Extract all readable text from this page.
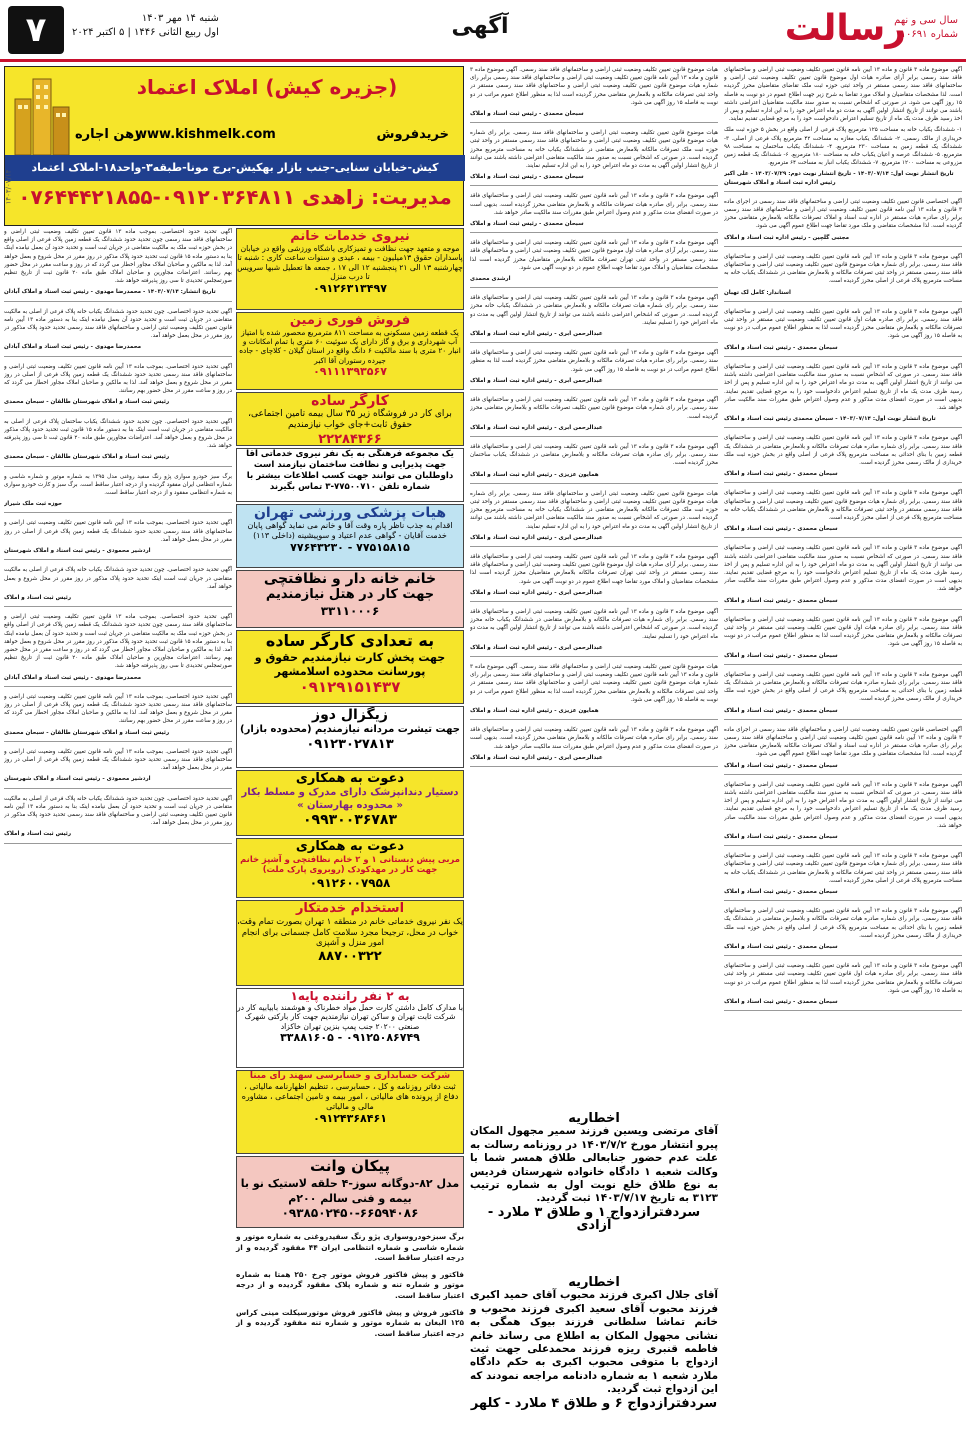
رسالت
سال سی و نهم
شماره ۱۰۶۹۱
آگهی
شنبه ۱۴ مهر ۱۴۰۳
اول ربیع الثانی ۱۴۴۶ | ۵ اکتبر ۲۰۲۴
۷
(جزیره کیش) املاک اعتماد
خریدفروش
www.kishmelk.com
رهن اجاره
کیش-خیابان سنایی-جنب بازار بهکیش-برج مونا-طبقه۳-واحد۱۸-املاک اعتماد
مدیریت: زاهدی ۰۹۱۲۰۳۶۴۸۱۱-۰۷۶۴۴۴۲۱۸۵۵
۱۴۰۳/۰۷/۱۴

آگهی موضوع ماده ۳ قانون و ماده ۱۳ آیین نامه قانون تعیین تکلیف وضعیت ثبتی اراضی و ساختمانهای فاقد سند رسمی برابر آرای صادره هیات اول موضوع قانون تعیین تکلیف وضعیت ثبتی اراضی و ساختمانهای فاقد سند رسمی مستقر در واحد ثبتی حوزه ثبت ملک تقاضای متقاضیان محرز گردیده است. لذا مشخصات متقاضیان و املاک مورد تقاضا به شرح زیر جهت اطلاع عموم در دو نوبت به فاصله ۱۵ روز آگهی می شود. در صورتی که اشخاص نسبت به صدور سند مالکیت متقاضیان اعتراضی داشته باشند می توانند از تاریخ انتشار اولین آگهی به مدت دو ماه اعتراض خود را به این اداره تسلیم و پس از اخذ رسید ظرف مدت یک ماه از تاریخ تسلیم اعتراض دادخواست خود را به مرجع قضایی تقدیم نمایند.

۱- ششدانگ یکباب خانه به مساحت ۱۲۵ مترمربع پلاک فرعی از اصلی واقع در بخش ۵ حوزه ثبت ملک خریداری از مالک رسمی. ۲- ششدانگ یکباب مغازه به مساحت ۴۲ مترمربع پلاک فرعی از اصلی. ۳- ششدانگ یک قطعه زمین به مساحت ۲۳۰ مترمربع. ۴- ششدانگ یکباب ساختمان به مساحت ۹۸ مترمربع. ۵- ششدانگ عرصه و اعیان یکباب خانه به مساحت ۱۸۰ مترمربع. ۶- ششدانگ یک قطعه زمین مزروعی به مساحت ۱۲۰۰ مترمربع. ۷- ششدانگ یکباب انبار به مساحت ۶۴ مترمربع.

تاریخ انتشار نوبت اول: ۱۴۰۳/۰۷/۱۴ - تاریخ انتشار نوبت دوم: ۱۴۰۳/۰۷/۲۹ - علی اکبر رئیس اداره ثبت اسناد و املاک شهرستان

آگهی اختصاصی قانون تعیین تکلیف وضعیت ثبتی اراضی و ساختمانهای فاقد سند رسمی در اجرای ماده ۳ قانون و ماده ۱۳ آیین نامه قانون تعیین تکلیف وضعیت ثبتی اراضی و ساختمانهای فاقد سند رسمی برابر رای صادره هیات مستقر در اداره ثبت اسناد و املاک تصرفات مالکانه بلامعارض متقاضی محرز گردیده است. لذا مشخصات متقاضی و ملک مورد تقاضا جهت اطلاع عموم آگهی می شود.

مجتبی گلچین - رئیس اداره ثبت اسناد و املاک

آگهی موضوع ماده ۳ قانون و ماده ۱۳ آیین نامه قانون تعیین تکلیف وضعیت ثبتی اراضی و ساختمانهای فاقد سند رسمی. برابر رای شماره هیات موضوع قانون تعیین تکلیف وضعیت ثبتی اراضی و ساختمانهای فاقد سند رسمی مستقر در واحد ثبتی تصرفات مالکانه و بلامعارض متقاضی در ششدانگ یکباب خانه به مساحت مترمربع پلاک فرعی از اصلی محرز گردیده است.

استاندار: کامل لک تهبان

آگهی موضوع ماده ۳ قانون و ماده ۱۳ آیین نامه قانون تعیین تکلیف وضعیت ثبتی اراضی و ساختمانهای فاقد سند رسمی. برابر رای صادره هیات اول قانون تعیین تکلیف وضعیت ثبتی مستقر در واحد ثبتی تصرفات مالکانه و بلامعارض متقاضی محرز گردیده است لذا به منظور اطلاع عموم مراتب در دو نوبت به فاصله ۱۵ روز آگهی می شود.

سبحان محمدی - رئیس ثبت اسناد و املاک

آگهی موضوع ماده ۳ قانون و ماده ۱۳ آیین نامه قانون تعیین تکلیف وضعیت ثبتی اراضی و ساختمانهای فاقد سند رسمی. در صورتی که اشخاص نسبت به صدور سند مالکیت متقاضی اعتراضی داشته باشند می توانند از تاریخ انتشار اولین آگهی به مدت دو ماه اعتراض خود را به این اداره تسلیم و پس از اخذ رسید ظرف مدت یک ماه از تاریخ تسلیم اعتراض دادخواست خود را به مرجع قضایی تقدیم نمایند. بدیهی است در صورت انقضای مدت مذکور و عدم وصول اعتراض طبق مقررات سند مالکیت صادر خواهد شد.

تاریخ انتشار نوبت اول: ۱۴۰۳/۰۷/۱۴ - سبحان محمدی رئیس ثبت اسناد و املاک

آگهی موضوع ماده ۳ قانون و ماده ۱۳ آیین نامه قانون تعیین تکلیف وضعیت ثبتی اراضی و ساختمانهای فاقد سند رسمی. برابر رای شماره صادره هیات تصرفات مالکانه و بلامعارض متقاضی در ششدانگ یک قطعه زمین با بنای احداثی به مساحت مترمربع پلاک فرعی از اصلی واقع در بخش حوزه ثبت ملک خریداری از مالک رسمی محرز گردیده است.

سبحان محمدی - رئیس ثبت اسناد و املاک

آگهی موضوع ماده ۳ قانون و ماده ۱۳ آیین نامه قانون تعیین تکلیف وضعیت ثبتی اراضی و ساختمانهای فاقد سند رسمی. برابر رای شماره هیات موضوع قانون تعیین تکلیف وضعیت ثبتی اراضی و ساختمانهای فاقد سند رسمی مستقر در واحد ثبتی تصرفات مالکانه و بلامعارض متقاضی در ششدانگ یکباب خانه به مساحت مترمربع پلاک فرعی از اصلی محرز گردیده است.

سبحان محمدی - رئیس ثبت اسناد و املاک

آگهی موضوع ماده ۳ قانون و ماده ۱۳ آیین نامه قانون تعیین تکلیف وضعیت ثبتی اراضی و ساختمانهای فاقد سند رسمی. در صورتی که اشخاص نسبت به صدور سند مالکیت متقاضی اعتراضی داشته باشند می توانند از تاریخ انتشار اولین آگهی به مدت دو ماه اعتراض خود را به این اداره تسلیم و پس از اخذ رسید ظرف مدت یک ماه از تاریخ تسلیم اعتراض دادخواست خود را به مرجع قضایی تقدیم نمایند. بدیهی است در صورت انقضای مدت مذکور و عدم وصول اعتراض طبق مقررات سند مالکیت صادر خواهد شد.

سبحان محمدی - رئیس ثبت اسناد و املاک

آگهی موضوع ماده ۳ قانون و ماده ۱۳ آیین نامه قانون تعیین تکلیف وضعیت ثبتی اراضی و ساختمانهای فاقد سند رسمی. برابر رای صادره هیات اول قانون تعیین تکلیف وضعیت ثبتی مستقر در واحد ثبتی تصرفات مالکانه و بلامعارض متقاضی محرز گردیده است لذا به منظور اطلاع عموم مراتب در دو نوبت به فاصله ۱۵ روز آگهی می شود.

سبحان محمدی - رئیس ثبت اسناد و املاک

آگهی موضوع ماده ۳ قانون و ماده ۱۳ آیین نامه قانون تعیین تکلیف وضعیت ثبتی اراضی و ساختمانهای فاقد سند رسمی. برابر رای شماره صادره هیات تصرفات مالکانه و بلامعارض متقاضی در ششدانگ یک قطعه زمین با بنای احداثی به مساحت مترمربع پلاک فرعی از اصلی واقع در بخش حوزه ثبت ملک خریداری از مالک رسمی محرز گردیده است.

سبحان محمدی - رئیس ثبت اسناد و املاک

آگهی اختصاصی قانون تعیین تکلیف وضعیت ثبتی اراضی و ساختمانهای فاقد سند رسمی در اجرای ماده ۳ قانون و ماده ۱۳ آیین نامه قانون تعیین تکلیف وضعیت ثبتی اراضی و ساختمانهای فاقد سند رسمی برابر رای صادره هیات مستقر در اداره ثبت اسناد و املاک تصرفات مالکانه بلامعارض متقاضی محرز گردیده است. لذا مشخصات متقاضی و ملک مورد تقاضا جهت اطلاع عموم آگهی می شود.

سبحان محمدی - رئیس ثبت اسناد و املاک

آگهی موضوع ماده ۳ قانون و ماده ۱۳ آیین نامه قانون تعیین تکلیف وضعیت ثبتی اراضی و ساختمانهای فاقد سند رسمی. در صورتی که اشخاص نسبت به صدور سند مالکیت متقاضی اعتراضی داشته باشند می توانند از تاریخ انتشار اولین آگهی به مدت دو ماه اعتراض خود را به این اداره تسلیم و پس از اخذ رسید ظرف مدت یک ماه از تاریخ تسلیم اعتراض دادخواست خود را به مرجع قضایی تقدیم نمایند. بدیهی است در صورت انقضای مدت مذکور و عدم وصول اعتراض طبق مقررات سند مالکیت صادر خواهد شد.

سبحان محمدی - رئیس ثبت اسناد و املاک

آگهی موضوع ماده ۳ قانون و ماده ۱۳ آیین نامه قانون تعیین تکلیف وضعیت ثبتی اراضی و ساختمانهای فاقد سند رسمی. برابر رای شماره هیات موضوع قانون تعیین تکلیف وضعیت ثبتی اراضی و ساختمانهای فاقد سند رسمی مستقر در واحد ثبتی تصرفات مالکانه و بلامعارض متقاضی در ششدانگ یکباب خانه به مساحت مترمربع پلاک فرعی از اصلی محرز گردیده است.

سبحان محمدی - رئیس ثبت اسناد و املاک

آگهی موضوع ماده ۳ قانون و ماده ۱۳ آیین نامه قانون تعیین تکلیف وضعیت ثبتی اراضی و ساختمانهای فاقد سند رسمی. برابر رای شماره صادره هیات تصرفات مالکانه و بلامعارض متقاضی در ششدانگ یک قطعه زمین با بنای احداثی به مساحت مترمربع پلاک فرعی از اصلی واقع در بخش حوزه ثبت ملک خریداری از مالک رسمی محرز گردیده است.

سبحان محمدی - رئیس ثبت اسناد و املاک

آگهی موضوع ماده ۳ قانون و ماده ۱۳ آیین نامه قانون تعیین تکلیف وضعیت ثبتی اراضی و ساختمانهای فاقد سند رسمی. برابر رای صادره هیات اول قانون تعیین تکلیف وضعیت ثبتی مستقر در واحد ثبتی تصرفات مالکانه و بلامعارض متقاضی محرز گردیده است لذا به منظور اطلاع عموم مراتب در دو نوبت به فاصله ۱۵ روز آگهی می شود.

سبحان محمدی - رئیس ثبت اسناد و املاک

هیات موضوع قانون تعیین تکلیف وضعیت ثبتی اراضی و ساختمانهای فاقد سند رسمی. آگهی موضوع ماده ۳ قانون و ماده ۱۳ آیین نامه قانون تعیین تکلیف وضعیت ثبتی اراضی و ساختمانهای فاقد سند رسمی برابر رای شماره هیات موضوع قانون تعیین تکلیف وضعیت ثبتی اراضی و ساختمانهای فاقد سند رسمی مستقر در واحد ثبتی تصرفات مالکانه و بلامعارض متقاضی محرز گردیده است لذا به منظور اطلاع عموم مراتب در دو نوبت به فاصله ۱۵ روز آگهی می شود.

سبحان محمدی - رئیس ثبت اسناد و املاک

هیات موضوع قانون تعیین تکلیف وضعیت ثبتی اراضی و ساختمانهای فاقد سند رسمی. برابر رای شماره هیات موضوع قانون تعیین تکلیف وضعیت ثبتی اراضی و ساختمانهای فاقد سند رسمی مستقر در واحد ثبتی حوزه ثبت ملک تصرفات مالکانه بلامعارض متقاضی در ششدانگ یکباب خانه به مساحت مترمربع محرز گردیده است. در صورتی که اشخاص نسبت به صدور سند مالکیت متقاضی اعتراضی داشته باشند می توانند از تاریخ انتشار اولین آگهی به مدت دو ماه اعتراض خود را به این اداره تسلیم نمایند.

سبحان محمدی - رئیس ثبت اسناد و املاک

آگهی موضوع ماده ۳ قانون و ماده ۱۳ آیین نامه قانون تعیین تکلیف وضعیت ثبتی اراضی و ساختمانهای فاقد سند رسمی. برابر رای صادره هیات تصرفات مالکانه و بلامعارض متقاضی محرز گردیده است. بدیهی است در صورت انقضای مدت مذکور و عدم وصول اعتراض طبق مقررات سند مالکیت صادر خواهد شد.

سبحان محمدی - رئیس ثبت اسناد و املاک

آگهی موضوع ماده ۳ قانون و ماده ۱۳ آیین نامه قانون تعیین تکلیف وضعیت ثبتی اراضی و ساختمانهای فاقد سند رسمی. برابر آرای صادره هیات اول موضوع قانون تعیین تکلیف وضعیت ثبتی اراضی و ساختمانهای فاقد سند رسمی مستقر در واحد ثبتی تهران تصرفات مالکانه بلامعارض متقاضیان محرز گردیده است لذا مشخصات متقاضیان و املاک مورد تقاضا جهت اطلاع عموم در دو نوبت آگهی می شود.

ارشدی محمدی

آگهی موضوع ماده ۳ قانون و ماده ۱۳ آیین نامه قانون تعیین تکلیف وضعیت ثبتی اراضی و ساختمانهای فاقد سند رسمی. برابر رای شماره هیات تصرفات مالکانه و بلامعارض متقاضی در ششدانگ یکباب خانه محرز گردیده است. در صورتی که اشخاص اعتراضی داشته باشند می توانند از تاریخ انتشار اولین آگهی به مدت دو ماه اعتراض خود را تسلیم نمایند.

عبدالرحمن ابری - رئیس اداره ثبت اسناد و املاک

آگهی موضوع ماده ۳ قانون و ماده ۱۳ آیین نامه قانون تعیین تکلیف وضعیت ثبتی اراضی و ساختمانهای فاقد سند رسمی. برابر رای صادره هیات تصرفات مالکانه و بلامعارض متقاضی محرز گردیده است لذا به منظور اطلاع عموم مراتب در دو نوبت به فاصله ۱۵ روز آگهی می شود.

عبدالرحمن ابری - رئیس اداره ثبت اسناد و املاک

آگهی موضوع ماده ۳ قانون و ماده ۱۳ آیین نامه قانون تعیین تکلیف وضعیت ثبتی اراضی و ساختمانهای فاقد سند رسمی. برابر رای شماره هیات موضوع قانون تعیین تکلیف تصرفات مالکانه و بلامعارض متقاضی محرز گردیده است.

عبدالرحمن ابری - رئیس اداره ثبت اسناد و املاک

آگهی موضوع ماده ۳ قانون و ماده ۱۳ آیین نامه قانون تعیین تکلیف وضعیت ثبتی اراضی و ساختمانهای فاقد سند رسمی. برابر رای صادره هیات تصرفات مالکانه و بلامعارض متقاضی در ششدانگ یکباب ساختمان محرز گردیده است.

همایون عزیزی - رئیس اداره ثبت اسناد و املاک

هیات موضوع قانون تعیین تکلیف وضعیت ثبتی اراضی و ساختمانهای فاقد سند رسمی. برابر رای شماره هیات موضوع قانون تعیین تکلیف وضعیت ثبتی اراضی و ساختمانهای فاقد سند رسمی مستقر در واحد ثبتی حوزه ثبت ملک تصرفات مالکانه بلامعارض متقاضی در ششدانگ یکباب خانه به مساحت مترمربع محرز گردیده است. در صورتی که اشخاص نسبت به صدور سند مالکیت متقاضی اعتراضی داشته باشند می توانند از تاریخ انتشار اولین آگهی به مدت دو ماه اعتراض خود را به این اداره تسلیم نمایند.

عبدالرحمن ابری - رئیس اداره ثبت اسناد و املاک

آگهی موضوع ماده ۳ قانون و ماده ۱۳ آیین نامه قانون تعیین تکلیف وضعیت ثبتی اراضی و ساختمانهای فاقد سند رسمی. برابر آرای صادره هیات اول موضوع قانون تعیین تکلیف وضعیت ثبتی اراضی و ساختمانهای فاقد سند رسمی مستقر در واحد ثبتی تهران تصرفات مالکانه بلامعارض متقاضیان محرز گردیده است لذا مشخصات متقاضیان و املاک مورد تقاضا جهت اطلاع عموم در دو نوبت آگهی می شود.

عبدالرحمن ابری - رئیس اداره ثبت اسناد و املاک

آگهی موضوع ماده ۳ قانون و ماده ۱۳ آیین نامه قانون تعیین تکلیف وضعیت ثبتی اراضی و ساختمانهای فاقد سند رسمی. برابر رای شماره هیات تصرفات مالکانه و بلامعارض متقاضی در ششدانگ یکباب خانه محرز گردیده است. در صورتی که اشخاص اعتراضی داشته باشند می توانند از تاریخ انتشار اولین آگهی به مدت دو ماه اعتراض خود را تسلیم نمایند.

عبدالرحمن ابری - رئیس اداره ثبت اسناد و املاک

هیات موضوع قانون تعیین تکلیف وضعیت ثبتی اراضی و ساختمانهای فاقد سند رسمی. آگهی موضوع ماده ۳ قانون و ماده ۱۳ آیین نامه قانون تعیین تکلیف وضعیت ثبتی اراضی و ساختمانهای فاقد سند رسمی برابر رای شماره هیات موضوع قانون تعیین تکلیف وضعیت ثبتی اراضی و ساختمانهای فاقد سند رسمی مستقر در واحد ثبتی تصرفات مالکانه و بلامعارض متقاضی محرز گردیده است لذا به منظور اطلاع عموم مراتب در دو نوبت به فاصله ۱۵ روز آگهی می شود.

همایون عزیزی - رئیس اداره ثبت اسناد و املاک

آگهی موضوع ماده ۳ قانون و ماده ۱۳ آیین نامه قانون تعیین تکلیف وضعیت ثبتی اراضی و ساختمانهای فاقد سند رسمی. برابر رای صادره هیات تصرفات مالکانه و بلامعارض متقاضی محرز گردیده است. بدیهی است در صورت انقضای مدت مذکور و عدم وصول اعتراض طبق مقررات سند مالکیت صادر خواهد شد.

عبدالرحمن ابری - رئیس اداره ثبت اسناد و املاک

اخطاریه
آقای مرتضی ویسین فرزند سمیر مجهول المکان پیرو انتشار مورخ ۱۴۰۳/۷/۲ در روزنامه رسالت به علت عدم حضور جنابعالی طلاق همسر شما با وکالت شعبه ۱ دادگاه خانواده شهرستان فردیس به نوع طلاق خلع نوبت اول به شماره ترتیب ۳۱۲۳ به تاریخ ۱۴۰۳/۷/۱۷ ثبت گردید.
سردفترازدواج ۱ و طلاق ۳ ملارد - آزادی
اخطاریه
آقای جلال اکبری فرزند محبوب آقای حمید اکبری فرزند محبوب آقای سعید اکبری فرزند محبوب و خانم تماشا سلطانی فرزند بیوک همگی به نشانی مجهول المکان به اطلاع می رساند خانم فاطمه قنبری ریزه فرزند محمدعلی جهت ثبت ازدواج با متوفی محبوب اکبری به حکم دادگاه ملارد شعبه ۱ به شماره دادنامه مراجعه نمودند که این ازدواج ثبت گردید.
سردفترازدواج ۶ و طلاق ۴ ملارد - کلهر

آگهی تحدید حدود اختصاصی. بموجب ماده ۱۳ قانون تعیین تکلیف وضعیت ثبتی اراضی و ساختمانهای فاقد سند رسمی چون تحدید حدود ششدانگ یک قطعه زمین پلاک فرعی از اصلی واقع در بخش حوزه ثبت ملک به مالکیت متقاضی در جریان ثبت است و تحدید حدود آن بعمل نیامده اینک بنا به دستور ماده ۱۵ قانون ثبت تحدید حدود پلاک مذکور در روز مقرر در محل شروع و بعمل خواهد آمد. لذا به مالکین و صاحبان املاک مجاور اخطار می گردد که در روز و ساعت مقرر در محل حضور بهم رسانند. اعتراضات مجاورین و صاحبان املاک طبق ماده ۲۰ قانون ثبت از تاریخ تنظیم صورتمجلس تحدیدی تا سی روز پذیرفته خواهد شد.

تاریخ انتشار: ۱۴۰۳/۰۷/۱۴ - محمدرضا مهدوی - رئیس ثبت اسناد و املاک آبادان

آگهی تحدید حدود اختصاصی. چون تحدید حدود ششدانگ یکباب خانه پلاک فرعی از اصلی به مالکیت متقاضی در جریان ثبت است و تحدید حدود آن بعمل نیامده اینک بنا به دستور ماده ۱۳ آیین نامه قانون تعیین تکلیف وضعیت ثبتی اراضی و ساختمانهای فاقد سند رسمی تحدید حدود پلاک مذکور در روز مقرر در محل بعمل خواهد آمد.

محمدرضا مهدوی - رئیس ثبت اسناد و املاک آبادان

آگهی تحدید حدود اختصاصی. بموجب ماده ۱۳ آیین نامه قانون تعیین تکلیف وضعیت ثبتی اراضی و ساختمانهای فاقد سند رسمی تحدید حدود ششدانگ یک قطعه زمین پلاک فرعی از اصلی در روز مقرر در محل شروع و بعمل خواهد آمد. لذا به مالکین و صاحبان املاک مجاور اخطار می گردد که در روز و ساعت مقرر در محل حضور بهم رسانند.

رئیس ثبت اسناد و املاک شهرستان طالقان - سبحان محمدی

آگهی تحدید حدود اختصاصی. چون تحدید حدود ششدانگ یکباب ساختمان پلاک فرعی از اصلی به مالکیت متقاضی در جریان ثبت است اینک بنا به دستور ماده ۱۵ قانون ثبت تحدید حدود پلاک مذکور در محل شروع و بعمل خواهد آمد. اعتراضات مجاورین طبق ماده ۲۰ قانون ثبت تا سی روز پذیرفته خواهد شد.

رئیس ثبت اسناد و املاک شهرستان طالقان - سبحان محمدی

برگ سبز خودرو سواری پژو رنگ سفید روغنی مدل ۱۳۹۵ به شماره موتور و شماره شاسی و شماره انتظامی ایران مفقود گردیده و از درجه اعتبار ساقط است. برگ سبز و کارت خودرو سواری به شماره انتظامی مفقود و از درجه اعتبار ساقط است.

حوزه ثبت ملک شیراز

آگهی تحدید حدود اختصاصی. بموجب ماده ۱۳ آیین نامه قانون تعیین تکلیف وضعیت ثبتی اراضی و ساختمانهای فاقد سند رسمی تحدید حدود ششدانگ یک قطعه زمین پلاک فرعی از اصلی در روز مقرر در محل بعمل خواهد آمد.

اردشیر محمودی - رئیس ثبت اسناد و املاک شهرستان

آگهی تحدید حدود اختصاصی. چون تحدید حدود ششدانگ یکباب خانه پلاک فرعی از اصلی به مالکیت متقاضی در جریان ثبت است اینک تحدید حدود پلاک مذکور در روز مقرر در محل شروع و بعمل خواهد آمد.

رئیس ثبت اسناد و املاک

آگهی تحدید حدود اختصاصی. بموجب ماده ۱۳ قانون تعیین تکلیف وضعیت ثبتی اراضی و ساختمانهای فاقد سند رسمی چون تحدید حدود ششدانگ یک قطعه زمین پلاک فرعی از اصلی واقع در بخش حوزه ثبت ملک به مالکیت متقاضی در جریان ثبت است و تحدید حدود آن بعمل نیامده اینک بنا به دستور ماده ۱۵ قانون ثبت تحدید حدود پلاک مذکور در روز مقرر در محل شروع و بعمل خواهد آمد. لذا به مالکین و صاحبان املاک مجاور اخطار می گردد که در روز و ساعت مقرر در محل حضور بهم رسانند. اعتراضات مجاورین و صاحبان املاک طبق ماده ۲۰ قانون ثبت از تاریخ تنظیم صورتمجلس تحدیدی تا سی روز پذیرفته خواهد شد.

محمدرضا مهدوی - رئیس ثبت اسناد و املاک آبادان

آگهی تحدید حدود اختصاصی. بموجب ماده ۱۳ آیین نامه قانون تعیین تکلیف وضعیت ثبتی اراضی و ساختمانهای فاقد سند رسمی تحدید حدود ششدانگ یک قطعه زمین پلاک فرعی از اصلی در روز مقرر در محل شروع و بعمل خواهد آمد. لذا به مالکین و صاحبان املاک مجاور اخطار می گردد که در روز و ساعت مقرر در محل حضور بهم رسانند.

رئیس ثبت اسناد و املاک شهرستان طالقان - سبحان محمدی

آگهی تحدید حدود اختصاصی. بموجب ماده ۱۳ آیین نامه قانون تعیین تکلیف وضعیت ثبتی اراضی و ساختمانهای فاقد سند رسمی تحدید حدود ششدانگ یک قطعه زمین پلاک فرعی از اصلی در روز مقرر در محل بعمل خواهد آمد.

اردشیر محمودی - رئیس ثبت اسناد و املاک شهرستان

آگهی تحدید حدود اختصاصی. چون تحدید حدود ششدانگ یکباب خانه پلاک فرعی از اصلی به مالکیت متقاضی در جریان ثبت است و تحدید حدود آن بعمل نیامده اینک بنا به دستور ماده ۱۳ آیین نامه قانون تعیین تکلیف وضعیت ثبتی اراضی و ساختمانهای فاقد سند رسمی تحدید حدود پلاک مذکور در روز مقرر در محل بعمل خواهد آمد.

رئیس ثبت اسناد و املاک

نیروی خدمات خانم
موجه و متعهد جهت نظافت و تمیزکاری باشگاه ورزشی واقع در خیابان پاسداران حقوق ۱۳میلیون - بیمه ، عیدی و سنوات ساعت کاری : شنبه تا چهارشنبه ۱۳ الی ۲۱ پنجشنبه ۱۲ الی ۱۷ ، جمعه ها تعطیل شبها سرویس تا درب منزل
۰۹۱۲۶۳۱۳۴۹۷
فروش فوری زمین
یک قطعه زمین مسکونی به مساحت ۸۱۱ مترمربع محصور شده با امتیاز آب شهرداری و برق و گاز دارای یک سوئیت ۶۰ متری با تمام امکانات و انبار ۲۰ متری با سند مالکیت ۶ دانگ واقع در استان گیلان - کلاچای - جاده جیرده رستوران آقا اکبر
۰۹۱۱۱۳۹۳۵۶۷
کارگر ساده
برای کار در فروشگاه زیر ۳۵ سال بیمه تامین اجتماعی، حقوق ثابت+جای خواب نیازمندیم
۲۲۲۸۴۳۶۶
یک مجموعه فرهنگی به یک نفر نیروی خدماتی آقا جهت پذیرایی و نظافت ساختمان نیازمند است داوطلبان می توانند جهت کسب اطلاعات بیشتر با شماره تلفن ۷۷۵۰۰۷۱۰-۳ تماس بگیرند
هیات پزشکی ورزشی تهران
اقدام به جذب ناظر پاره وقت آقا و خانم می نماید گواهی پایان خدمت آقایان - گواهی عدم اعتیاد و سوپیشینه (داخلی ۱۱۳)
۷۷۵۱۵۸۱۵ - ۷۷۶۴۳۲۳۰
خانم خانه دار و نظافتچی
جهت کار در هتل نیازمندیم
۳۳۱۱۰۰۰۶
به تعدادی کارگر ساده
جهت پخش کارت نیازمندیم حقوق و پورسانت محدوده اسلامشهر
۰۹۱۲۹۱۵۱۴۳۷
زیگزال دوز
جهت تیشرت مردانه نیازمندیم (محدوده بازار)
۰۹۱۲۳۰۲۷۸۱۳
دعوت به همکاری
دستیار دندانپزشک دارای مدرک و مسلط بکار « محدوده بهارستان »
۰۹۹۳۰۰۳۶۷۸۳
دعوت به همکاری
مربی پیش دبستانی ۱ و ۲ خانم نظافتچی و آشپز خانم جهت کار در مهدکودک (روبروی پارک ملت)
۰۹۱۲۶۰۰۷۹۵۸
استخدام خدمتکار
یک نفر نیروی خدماتی خانم در منطقه ۱ تهران بصورت تمام وقت، خواب در محل، ترجیحا مجرد سلامت کامل جسمانی برای انجام امور منزل و آشپزی
۸۸۷۰۰۳۲۲
به ۲ نفر راننده پایه۱
با مدارک کامل داشتن کارت حمل مواد خطرناک و هوشمند بابیابیه کار در شرکت ثابت تهران و ساکن تهران نیازمندیم جهت کار بارکتی شهرک صنعتی ۲۰۲۰۰ جنب پمپ بنزین تهران خاکزاد
۰۹۱۲۵۰۸۶۷۴۹ - ۳۳۸۸۱۶۰۵
شرکت حسابداری و حسابرسی سهند رای مبنا
ثبت دفاتر روزنامه و کل ، حسابرسی ، تنظیم اظهارنامه مالیاتی ، دفاع از پرونده های مالیاتی ، امور بیمه و تامین اجتماعی ، مشاوره مالی و مالیاتی
۰۹۱۲۴۳۶۸۴۶۱
پیکان وانت
مدل ۸۲-دوگانه سوز-۴ حلقه لاستیک نو با بیمه و فنی سالم ۲۰۰م
۰۹۳۸۵۰۲۴۵۰-۶۶۵۹۴۰۸۶

برگ سبزخودروسواری پژو رنگ سفیدروغنی به شماره موتور و شماره شاسی و شماره انتظامی ایران ۴۴ مفقود گردیده و از درجه اعتبار ساقط است.

فاکتور و پیش فاکتور فروش موتور چرخ ۲۵۰ همتا به شماره موتور و شماره تنه و شماره پلاک مفقود گردیده و از درجه اعتبار ساقط است.

فاکتور فروش و پیش فاکتور فروش موتورسیکلت مینی کراس ۱۲۵ البغان به شماره موتور و شماره تنه مفقود گردیده و از درجه اعتبار ساقط است.
